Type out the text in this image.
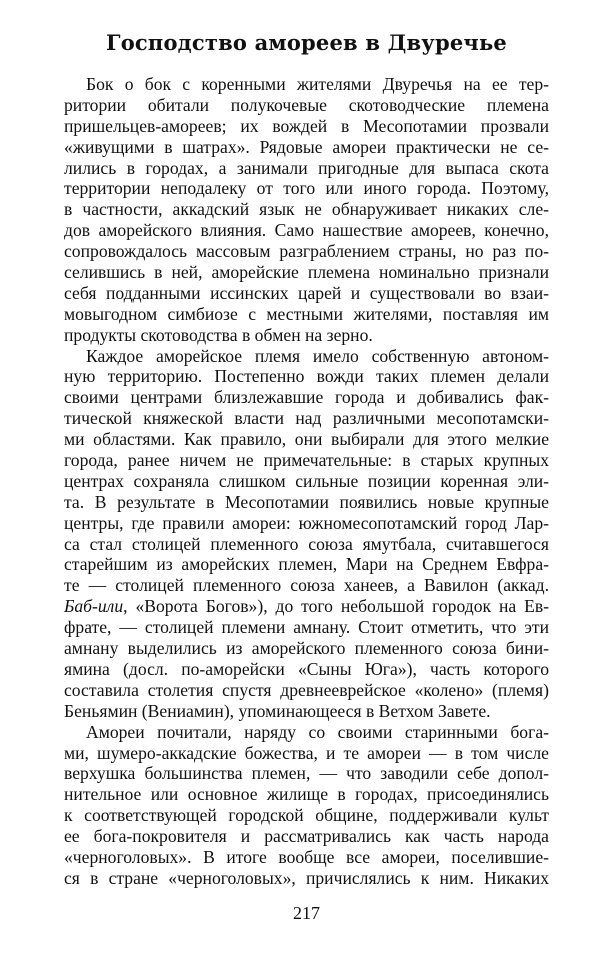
Господство амореев в Двуречье
Бок о бок с коренными жителями Двуречья на ее тер-
ритории обитали полукочевые скотоводческие племена
пришельцев-амореев; их вождей в Месопотамии прозвали
«живущими в шатрах». Рядовые амореи практически не се-
лились в городах, а занимали пригодные для выпаса скота
территории неподалеку от того или иного города. Поэтому,
в частности, аккадский язык не обнаруживает никаких сле-
дов аморейского влияния. Само нашествие амореев, конечно,
сопровождалось массовым разграблением страны, но раз по-
селившись в ней, аморейские племена номинально признали
себя подданными иссинских царей и существовали во взаи-
мовыгодном симбиозе с местными жителями, поставляя им
продукты скотоводства в обмен на зерно.
Каждое аморейское племя имело собственную автоном-
ную территорию. Постепенно вожди таких племен делали
своими центрами близлежавшие города и добивались фак-
тической княжеской власти над различными месопотамски-
ми областями. Как правило, они выбирали для этого мелкие
города, ранее ничем не примечательные: в старых крупных
центрах сохраняла слишком сильные позиции коренная эли-
та. В результате в Месопотамии появились новые крупные
центры, где правили амореи: южномесопотамский город Лар-
са стал столицей племенного союза ямутбала, считавшегося
старейшим из аморейских племен, Мари на Среднем Евфра-
те — столицей племенного союза ханеев, а Вавилон (аккад.
Баб-или, «Ворота Богов»), до того небольшой городок на Ев-
фрате, — столицей племени амнану. Стоит отметить, что эти
амнану выделились из аморейского племенного союза бини-
ямина (досл. по-аморейски «Сыны Юга»), часть которого
составила столетия спустя древнееврейское «колено» (племя)
Беньямин (Вениамин), упоминающееся в Ветхом Завете.
Амореи почитали, наряду со своими старинными бога-
ми, шумеро-аккадские божества, и те амореи — в том числе
верхушка большинства племен, — что заводили себе допол-
нительное или основное жилище в городах, присоединялись
к соответствующей городской общине, поддерживали культ
ее бога-покровителя и рассматривались как часть народа
«черноголовых». В итоге вообще все амореи, поселившие-
ся в стране «черноголовых», причислялись к ним. Никаких
217
